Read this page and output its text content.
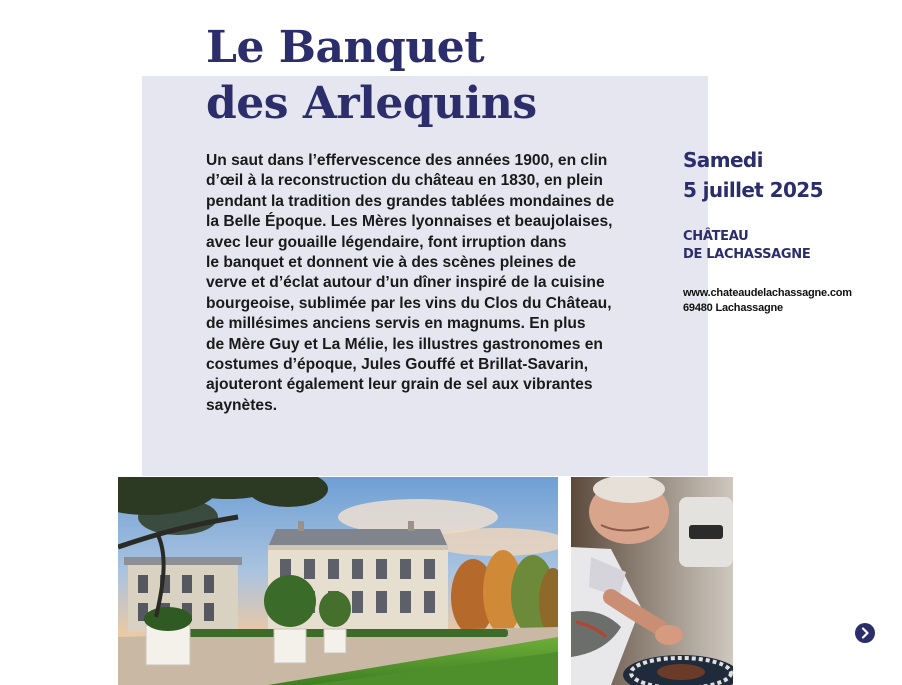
Le Banquet
des Arlequins

Un saut dans l’effervescence des années 1900, en clin
d’œil à la reconstruction du château en 1830, en plein
pendant la tradition des grandes tablées mondaines de
la Belle Époque. Les Mères lyonnaises et beaujolaises,
avec leur gouaille légendaire, font irruption dans
le banquet et donnent vie à des scènes pleines de
verve et d’éclat autour d’un dîner inspiré de la cuisine
bourgeoise, sublimée par les vins du Clos du Château,
de millésimes anciens servis en magnums. En plus
de Mère Guy et La Mélie, les illustres gastronomes en
costumes d’époque, Jules Gouffé et Brillat-Savarin,
ajouteront également leur grain de sel aux vibrantes
saynètes.

Samedi
5 juillet 2025
CHÂTEAU
DE LACHASSAGNE
www.chateaudelachassagne.com
69480 Lachassagne
